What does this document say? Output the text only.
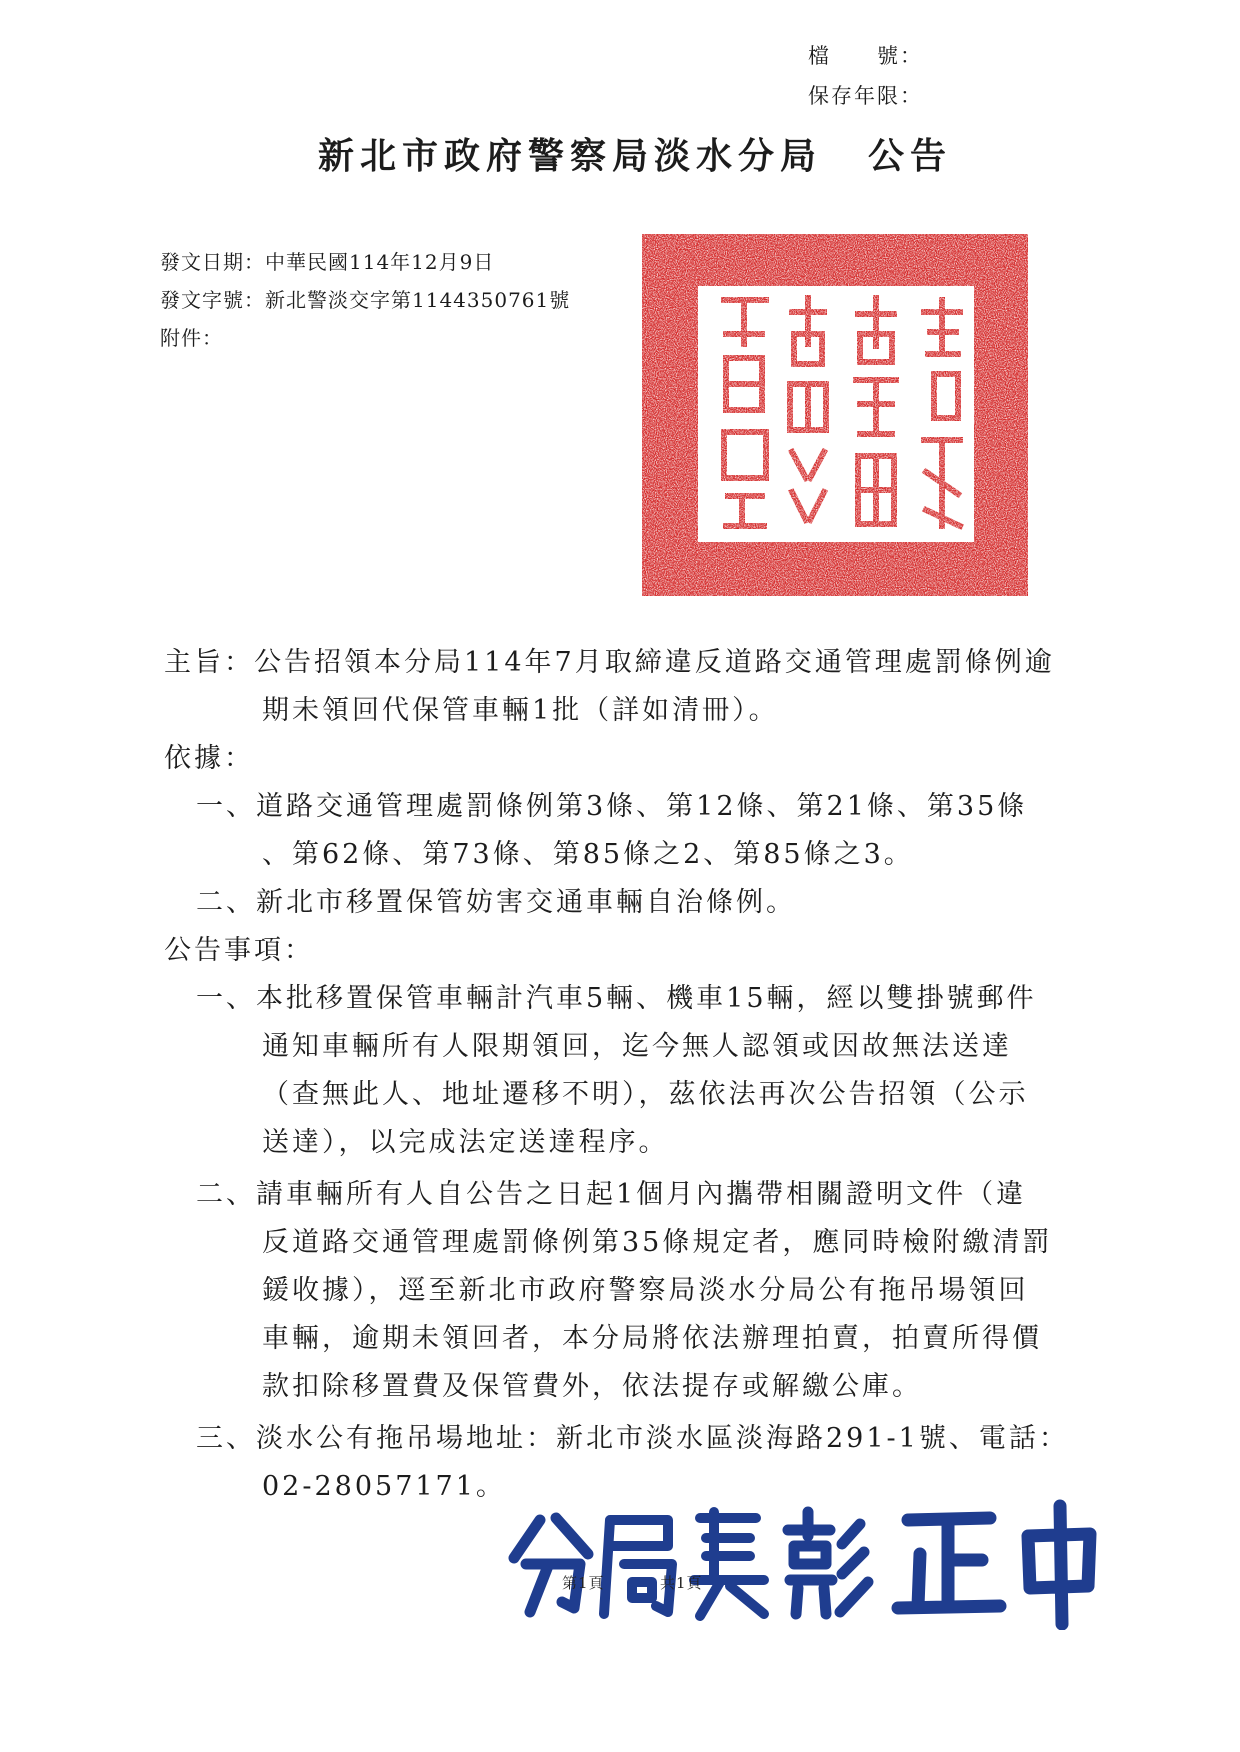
檔　　號：
保存年限：
新北市政府警察局淡水分局 公告
發文日期：中華民國114年12月9日
發文字號：新北警淡交字第1144350761號
附件：
主旨：公告招領本分局114年7月取締違反道路交通管理處罰條例逾
期未領回代保管車輛1批（詳如清冊）。
依據：
一、道路交通管理處罰條例第3條、第12條、第21條、第35條
、第62條、第73條、第85條之2、第85條之3。
二、新北市移置保管妨害交通車輛自治條例。
公告事項：
一、本批移置保管車輛計汽車5輛、機車15輛，經以雙掛號郵件
通知車輛所有人限期領回，迄今無人認領或因故無法送達
（查無此人、地址遷移不明），茲依法再次公告招領（公示
送達），以完成法定送達程序。
二、請車輛所有人自公告之日起1個月內攜帶相關證明文件（違
反道路交通管理處罰條例第35條規定者，應同時檢附繳清罰
鍰收據），逕至新北市政府警察局淡水分局公有拖吊場領回
車輛，逾期未領回者，本分局將依法辦理拍賣，拍賣所得價
款扣除移置費及保管費外，依法提存或解繳公庫。
三、淡水公有拖吊場地址：新北市淡水區淡海路291-1號、電話：
02-28057171。
第1頁	共1頁
